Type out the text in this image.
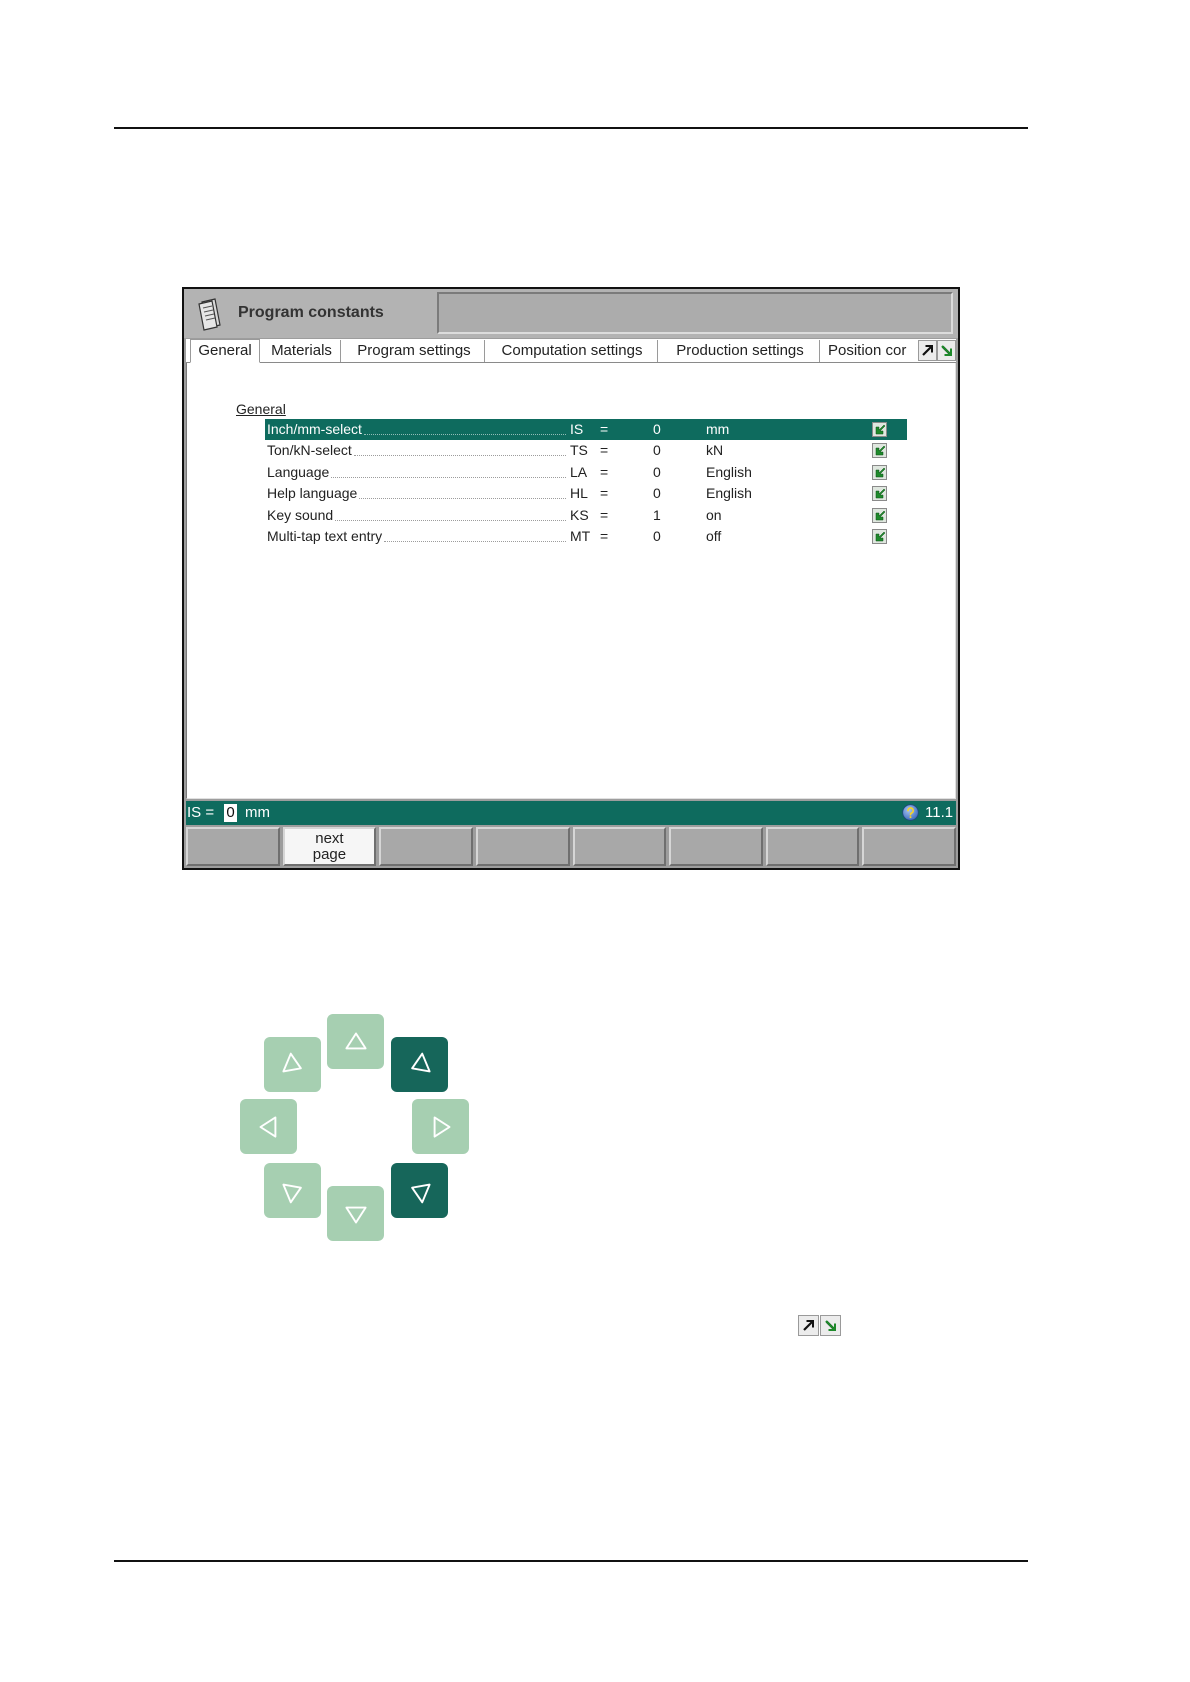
Program constants
General	Materials	Program settings	Computation settings	Production settings	Position cor
General
Inch/mm-select	IS =	0	mm
Ton/kN-select	TS =	0	kN
Language	LA =	0	English
Help language	HL =	0	English
Key sound	KS =	1	on
Multi-tap text entry	MT =	0	off
IS = 0 mm	11.1
next
page
